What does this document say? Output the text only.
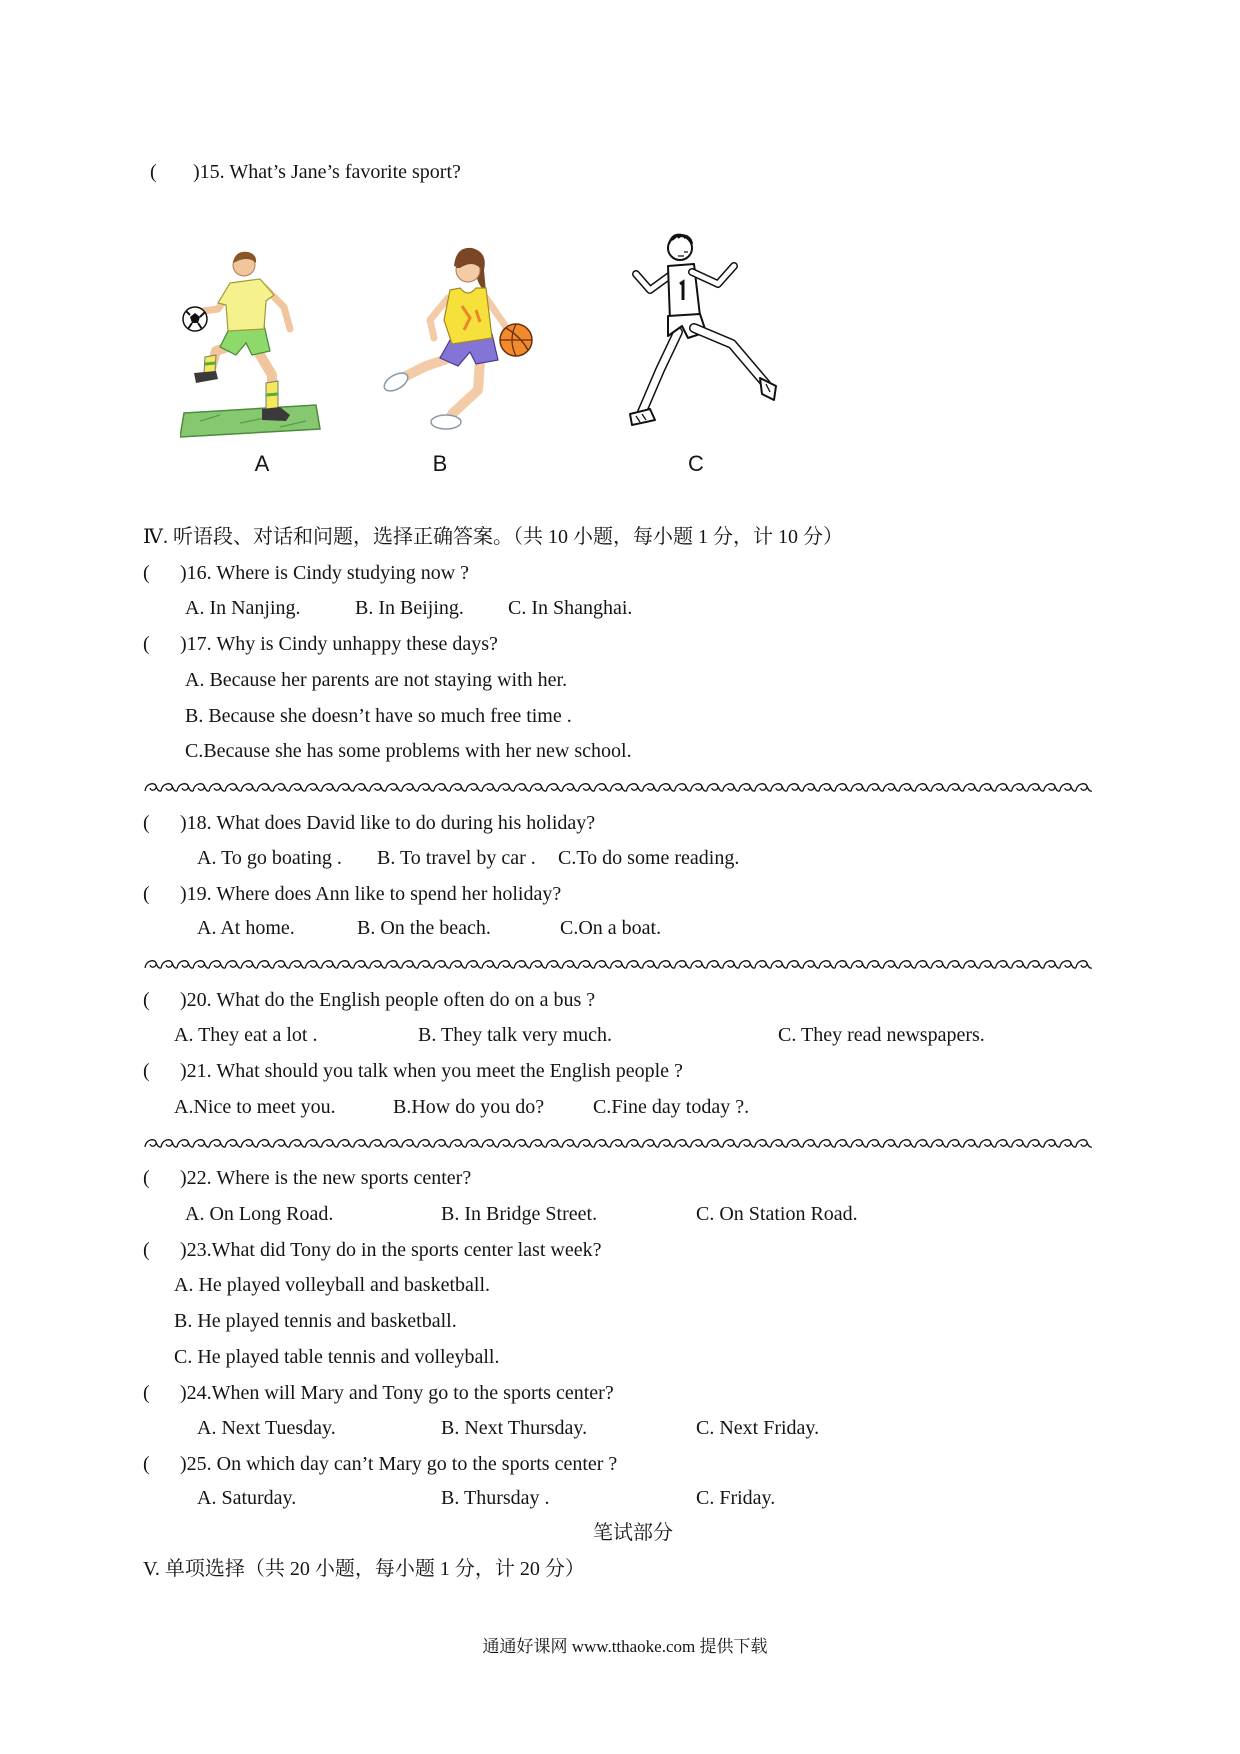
( )15. What’s Jane’s favorite sport?
A	B	C
Ⅳ. 听语段、对话和问题，选择正确答案。（共 10 小题，每小题 1 分，计 10 分）
( )16. Where is Cindy studying now ?
A. In Nanjing.	B. In Beijing. C. In Shanghai.
( )17. Why is Cindy unhappy these days?
A. Because her parents are not staying with her.
B. Because she doesn’t have so much free time .
C.Because she has some problems with her new school.
( )18. What does David like to do during his holiday?
A. To go boating . B. To travel by car . C.To do some reading.
( )19. Where does Ann like to spend her holiday?
A. At home.	B. On the beach.	C.On a boat.
( )20. What do the English people often do on a bus ?
A. They eat a lot .	B. They talk very much.	C. They read newspapers.
( )21. What should you talk when you meet the English people ?
A.Nice to meet you.	B.How do you do? C.Fine day today ?.
( )22. Where is the new sports center?
A. On Long Road.	B. In Bridge Street.	C. On Station Road.
( )23.What did Tony do in the sports center last week?
A. He played volleyball and basketball.
B. He played tennis and basketball.
C. He played table tennis and volleyball.
( )24.When will Mary and Tony go to the sports center?
A. Next Tuesday.	B. Next Thursday.	C. Next Friday.
( )25. On which day can’t Mary go to the sports center ?
A. Saturday.	B. Thursday .	C. Friday.
笔试部分
V. 单项选择（共 20 小题，每小题 1 分，计 20 分）
通通好课网 www.tthaoke.com 提供下载
